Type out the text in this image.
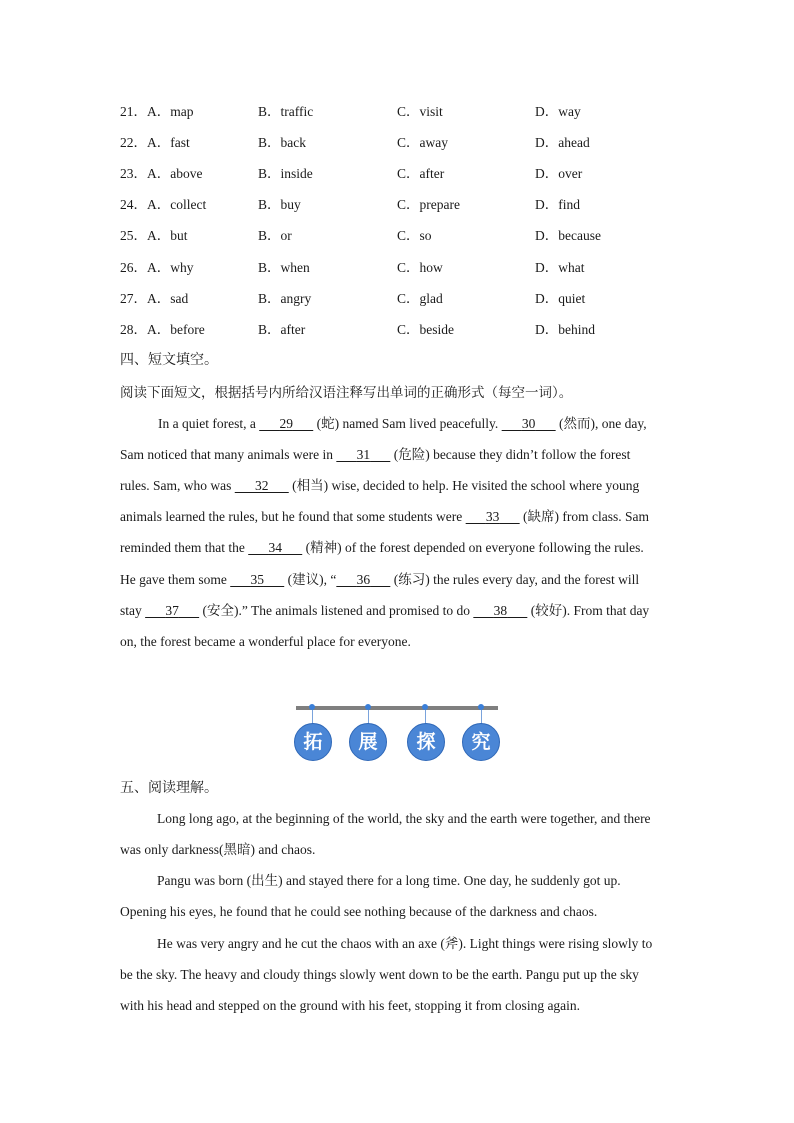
21．A．map	B．traffic	C．visit	D．way
22．A．fast	B．back	C．away	D．ahead
23．A．above	B．inside	C．after	D．over
24．A．collect	B．buy	C．prepare	D．find
25．A．but	B．or	C．so	D．because
26．A．why	B．when	C．how	D．what
27．A．sad	B．angry	C．glad	D．quiet
28．A．before	B．after	C．beside	D．behind
四、短文填空。
阅读下面短文，根据括号内所给汉语注释写出单词的正确形式（每空一词）。
In a quiet forest, a       29       (蛇) named Sam lived peacefully.       30       (然而), one day,
Sam noticed that many animals were in       31       (危险) because they didn’t follow the forest
rules. Sam, who was       32       (相当) wise, decided to help. He visited the school where young
animals learned the rules, but he found that some students were       33       (缺席) from class. Sam
reminded them that the       34       (精神) of the forest depended on everyone following the rules.
He gave them some       35       (建议), “ 36       (练习) the rules every day, and the forest will
stay       37       (安全).” The animals listened and promised to do       38       (较好). From that day
on, the forest became a wonderful place for everyone.
拓	展	探	究
五、阅读理解。
Long long ago, at the beginning of the world, the sky and the earth were together, and there
was only darkness(黑暗) and chaos.
Pangu was born (出生) and stayed there for a long time. One day, he suddenly got up.
Opening his eyes, he found that he could see nothing because of the darkness and chaos.
He was very angry and he cut the chaos with an axe (斧). Light things were rising slowly to
be the sky. The heavy and cloudy things slowly went down to be the earth. Pangu put up the sky
with his head and stepped on the ground with his feet, stopping it from closing again.
